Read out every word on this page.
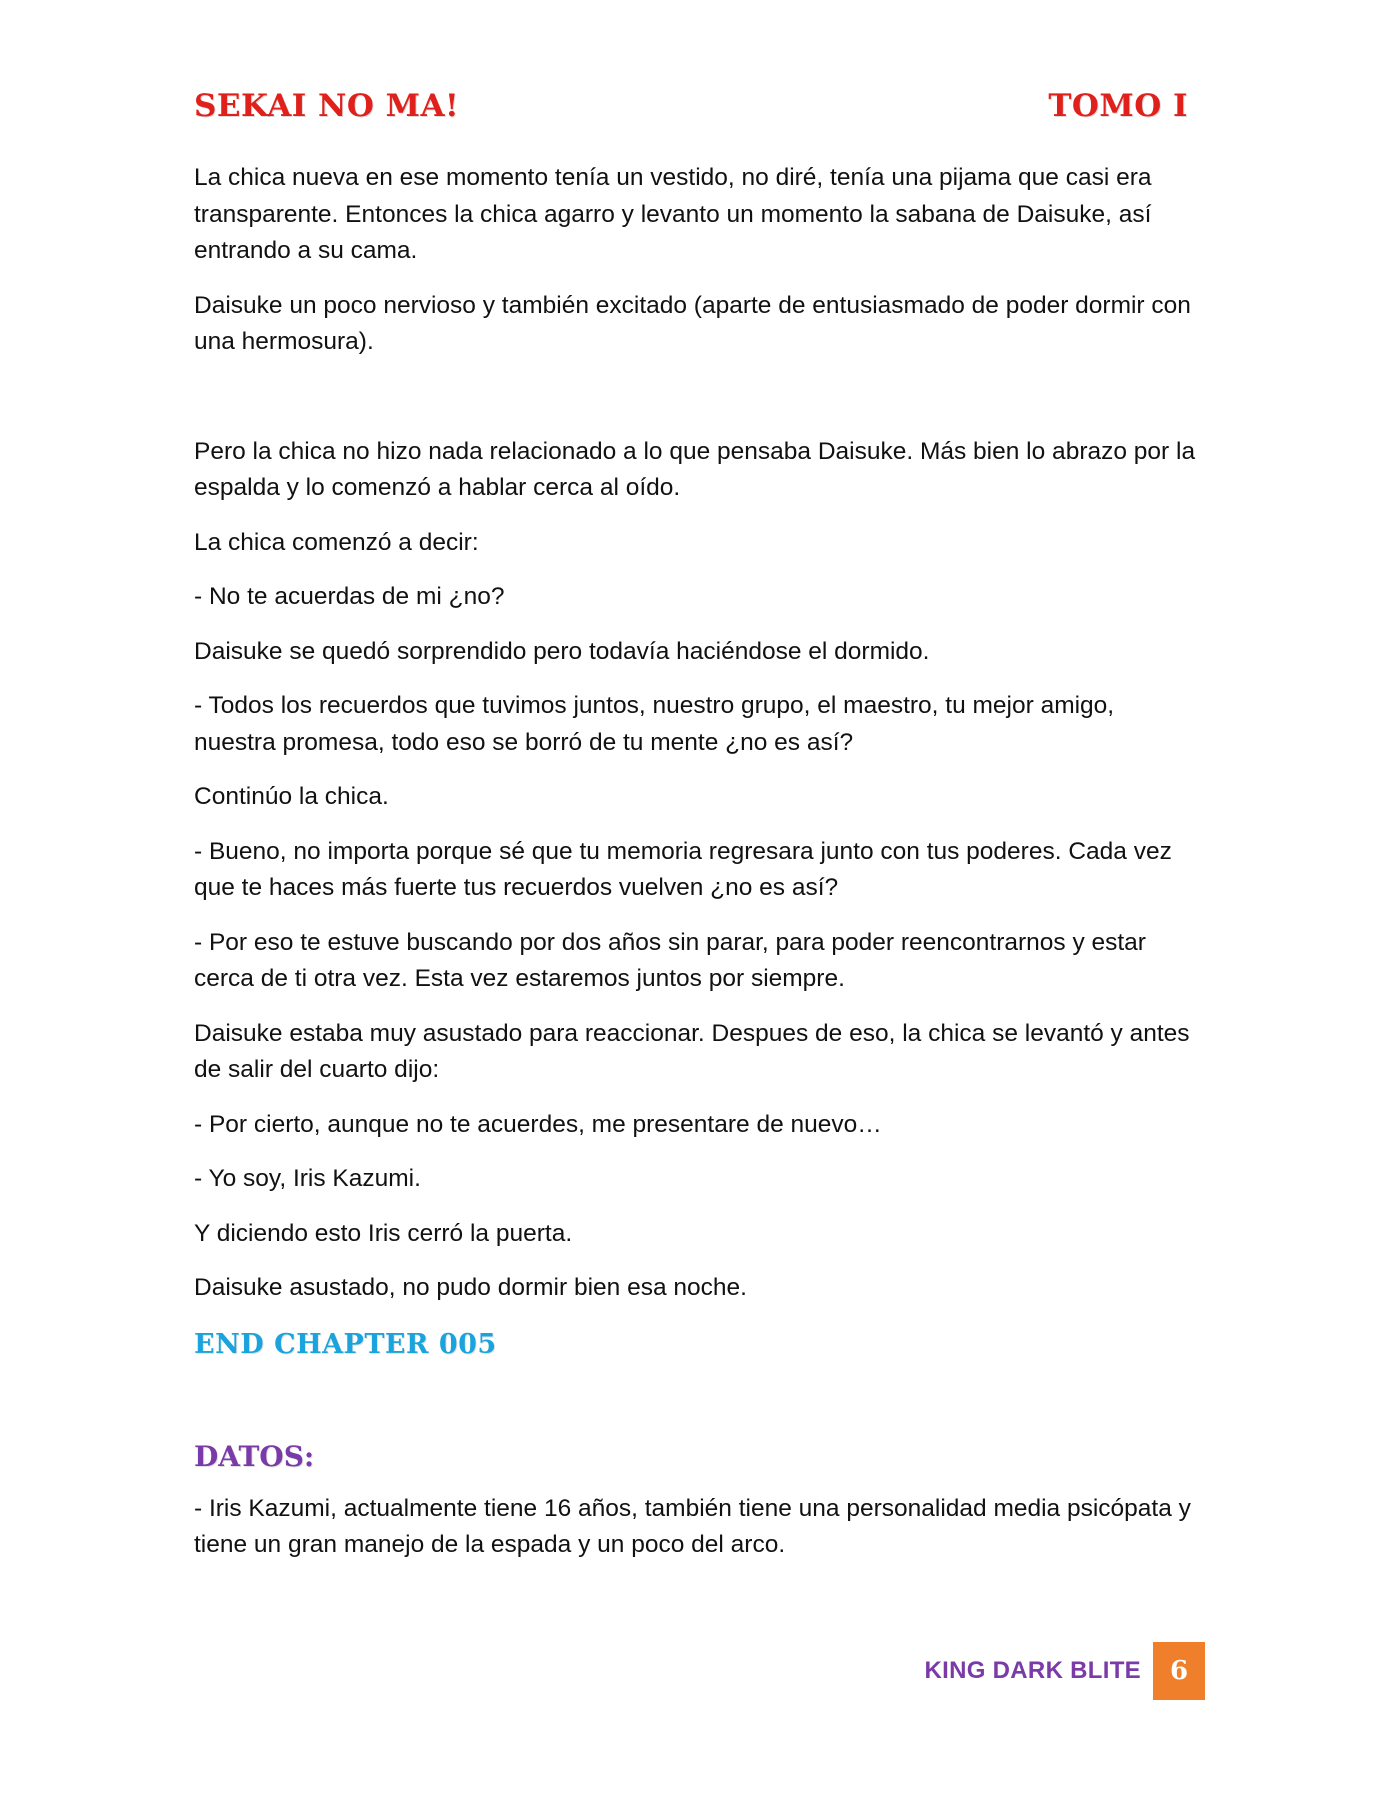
SEKAI NO MA!	TOMO I

La chica nueva en ese momento tenía un vestido, no diré, tenía una pijama que casi era transparente. Entonces la chica agarro y levanto un momento la sabana de Daisuke, así entrando a su cama.

Daisuke un poco nervioso y también excitado (aparte de entusiasmado de poder dormir con una hermosura).

Pero la chica no hizo nada relacionado a lo que pensaba Daisuke. Más bien lo abrazo por la espalda y lo comenzó a hablar cerca al oído.

La chica comenzó a decir:

- No te acuerdas de mi ¿no?

Daisuke se quedó sorprendido pero todavía haciéndose el dormido.

- Todos los recuerdos que tuvimos juntos, nuestro grupo, el maestro, tu mejor amigo, nuestra promesa, todo eso se borró de tu mente ¿no es así?

Continúo la chica.

- Bueno, no importa porque sé que tu memoria regresara junto con tus poderes. Cada vez que te haces más fuerte tus recuerdos vuelven ¿no es así?

- Por eso te estuve buscando por dos años sin parar, para poder reencontrarnos y estar cerca de ti otra vez. Esta vez estaremos juntos por siempre.

Daisuke estaba muy asustado para reaccionar. Despues de eso, la chica se levantó y antes de salir del cuarto dijo:

- Por cierto, aunque no te acuerdes, me presentare de nuevo…

- Yo soy, Iris Kazumi.

Y diciendo esto Iris cerró la puerta.

Daisuke asustado, no pudo dormir bien esa noche.

END CHAPTER 005
DATOS:

- Iris Kazumi, actualmente tiene 16 años, también tiene una personalidad media psicópata y tiene un gran manejo de la espada y un poco del arco.

KING DARK BLITE 6
